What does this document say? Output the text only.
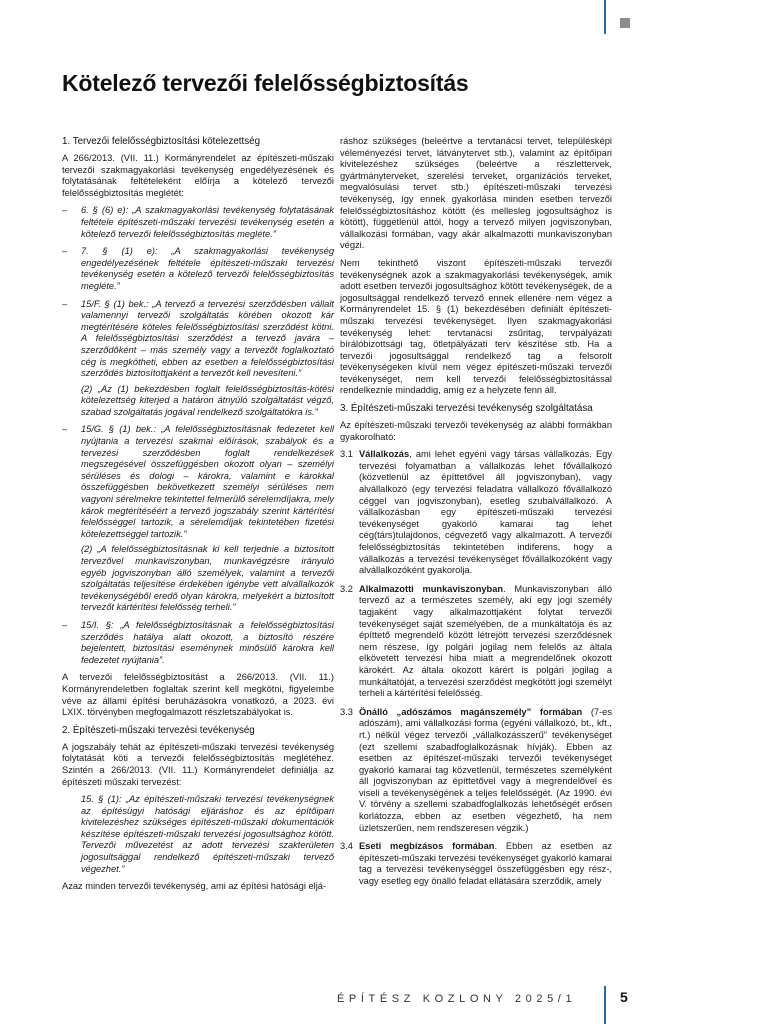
Kötelező tervezői felelősségbiztosítás
1. Tervezői felelősségbiztosítási kötelezettség

A 266/2013. (VII. 11.) Kormányrendelet az építészeti-műszaki tervezői szakmagyakorlási tevékenység engedélyezésének és folytatásának feltételeként előírja a kötelező tervezői felelősségbiztosítás meglétét:

– 6. § (6) e): „A szakmagyakorlási tevékenység folytatásának feltétele építészeti-műszaki tervezési tevékenység esetén a kötelező tervezői felelősségbiztosítás megléte.”
– 7. § (1) e): „A szakmagyakorlási tevékenység engedélyezésének feltétele építészeti-műszaki tervezési tevékenység esetén a kötelező tervezői felelősségbiztosítás megléte.”
– 15/F. § (1) bek.: „A tervező a tervezési szerződésben vállalt valamennyi tervezői szolgáltatás körében okozott kár megtérítésére köteles felelősségbiztosítási szerződést kötni. A felelősségbiztosítási szerződést a tervező javára – szerződőként – más személy vagy a tervezőt foglalkoztató cég is megkötheti, ebben az esetben a felelősségbiztosítási szerződés biztosítottjaként a tervezőt kell nevesíteni.”

(2) „Az (1) bekezdésben foglalt felelősségbiztosítás-kötési kötelezettség kiterjed a határon átnyúló szolgáltatást végző, szabad szolgáltatás jogával rendelkező szolgáltatókra is.”

– 15/G. § (1) bek.: „A felelősségbiztosításnak fedezetet kell nyújtania a tervezési szakmai előírások, szabályok és a tervezési szerződésben foglalt rendelkezések megszegésével összefüggésben okozott olyan – személyi sérüléses és dologi – károkra, valamint e károkkal összefüggésben bekövetkezett személyi sérüléses nem vagyoni sérelmekre tekintettel felmerülő sérelemdíjakra, mely károk megtérítéséért a tervező jogszabály szerint kártérítési felelősséggel tartozik, a sérelemdíjak tekintetében fizetési kötelezettséggel tartozik.”

(2) „A felelősségbiztosításnak ki kell terjednie a biztosított tervezővel munkaviszonyban, munkavégzésre irányuló egyéb jogviszonyban álló személyek, valamint a tervezői szolgáltatás teljesítése érdekében igénybe vett alvállalkozók tevékenységéből eredő olyan károkra, melyekért a biztosított tervezőt kártérítési felelősség terheli.”

– 15/I. §: „A felelősségbiztosításnak a felelősségbiztosítási szerződés hatálya alatt okozott, a biztosító részére bejelentett, biztosítási eseménynek minősülő károkra kell fedezetet nyújtania”.

A tervezői felelősségbiztosítást a 266/2013. (VII. 11.) Kormányrendeletben foglaltak szerint kell megkötni, figyelembe véve az állami építési beruházásokra vonatkozó, a 2023. évi LXIX. törvényben megfogalmazott részletszabályokat is.

2. Építészeti-műszaki tervezési tevékenység

A jogszabály tehát az építészeti-műszaki tervezési tevékenység folytatását köti a tervezői felelősségbiztosítás meglétéhez. Szintén a 266/2013. (VII. 11.) Kormányrendelet definiálja az építészeti műszaki tervezést:

15. § (1): „Az építészeti-műszaki tervezési tevékenységnek az építésügyi hatósági eljáráshoz és az építőipari kivitelezéshez szükséges építészeti-műszaki dokumentációk készítése építészeti-műszaki tervezési jogosultsághoz kötött. Tervezői művezetést az adott tervezési szakterületen jogosultsággal rendelkező építészeti-műszaki tervező végezhet.”

Azaz minden tervezői tevékenység, ami az építési hatósági eljá-

ráshoz szükséges (beleértve a tervtanácsi tervet, településképi véleményezési tervet, látványtervet stb.), valamint az építőipari kivitelezéshez szükséges (beleértve a részlettervek, gyártmányterveket, szerelési terveket, organizációs terveket, megvalósulási tervet stb.) építészeti-műszaki tervezési tevékenység, így ennek gyakorlása minden esetben tervezői felelősségbiztosításhoz kötött (és mellesleg jogosultsághoz is kötött), függetlenül attól, hogy a tervező milyen jogviszonyban, vállalkozási formában, vagy akár alkalmazotti munkaviszonyban végzi.

Nem tekinthető viszont építészeti-műszaki tervezői tevékenységnek azok a szakmagyakorlási tevékenységek, amik adott esetben tervezői jogosultsághoz kötött tevékenységek, de a jogosultsággal rendelkező tervező ennek ellenére nem végez a Kormányrendelet 15. § (1) bekezdésében definiált építészeti-műszaki tervezési tevékenységet. Ilyen szakmagyakorlási tevékenység lehet: tervtanácsi zsűritag, tervpályázati bírálóbizottsági tag, ötletpályázati terv készítése stb. Ha a tervezői jogosultsággal rendelkező tag a felsorolt tevékenységeken kívül nem végez építészeti-műszaki tervezői tevékenységet, nem kell tervezői felelősségbiztosítással rendelkeznie mindaddig, amíg ez a helyzete fenn áll.

3. Építészeti-műszaki tervezési tevékenység szolgáltatása

Az építészeti-műszaki tervezői tevékenység az alábbi formákban gyakorolható:

3.1 Vállalkozás, ami lehet egyéni vagy társas vállalkozás. Egy tervezési folyamatban a vállalkozás lehet fővállalkozó (közvetlenül az építtetővel áll jogviszonyban), vagy alvállalkozó (egy tervezési feladatra vállalkozó fővállalkozó céggel van jogviszonyban), esetleg szubalvállalkozó. A vállalkozásban egy építészeti-műszaki tervezési tevékenységet gyakorló kamarai tag lehet cég(társ)tulajdonos, cégvezető vagy alkalmazott. A tervezői felelősségbiztosítás tekintetében indiferens, hogy a vállalkozás a tervezési tevékenységet fővállalkozóként vagy alvállalkozóként gyakorolja.
3.2 Alkalmazotti munkaviszonyban. Munkaviszonyban álló tervező az a természetes személy, aki egy jogi személy tagjaként vagy alkalmazottjaként folytat tervezői tevékenységet saját személyében, de a munkáltatója és az építtető megrendelő között létrejött tervezési szerződésnek nem részese, így polgári jogilag nem felelős az általa elkövetett tervezési hiba miatt a megrendelőnek okozott károkért. Az általa okozott kárért is polgári jogilag a munkáltatóját, a tervezési szerződést megkötött jogi személyt terheli a kártérítési felelősség.
3.3 Önálló „adószámos magánszemély” formában (7-es adószám), ami vállalkozási forma (egyéni vállalkozó, bt., kft., rt.) nélkül végez tervezői „vállalkozásszerű” tevékenységet (ezt szellemi szabadfoglalkozásnak hívják). Ebben az esetben az építészet-műszaki tervezői tevékenységet gyakorló kamarai tag közvetlenül, természetes személyként áll jogviszonyban az építtetővel vagy a megrendelővel és viseli a tevékenységének a teljes felelősségét. (Az 1990. évi V. törvény a szellemi szabadfoglalkozás lehetőségét erősen korlátozza, ebben az esetben végezhető, ha nem üzletszerűen, nem rendszeresen végzik.)
3.4 Eseti megbízásos formában. Ebben az esetben az építészeti-műszaki tervezési tevékenységet gyakorló kamarai tag a tervezési tevékenységgel összefüggésben egy rész-, vagy esetleg egy önálló feladat ellátására szerződik, amely
ÉPÍTÉSZ KOZLONY 2025/1	5
